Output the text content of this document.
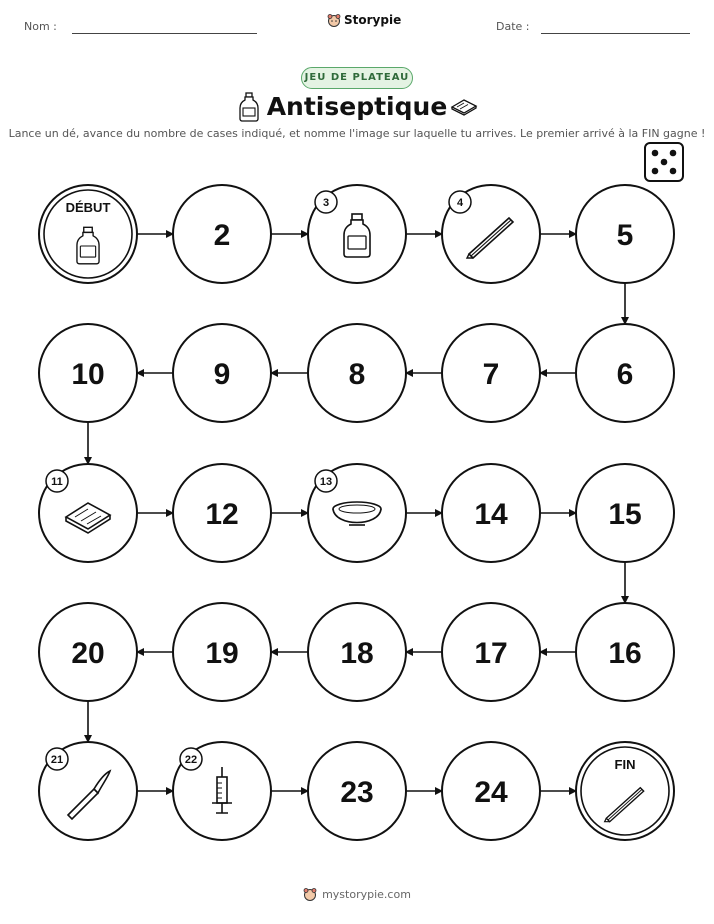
Nom :	Storypie	Date :
JEU DE PLATEAU
Antiseptique
Lance un dé, avance du nombre de cases indiqué, et nomme l'image sur laquelle tu arrives. Le premier arrivé à la FIN gagne !
DÉBUT
2
3	4
5
6
7
8
9
10
11
12
13
14	15
16
17
18
19
20
21	22
23	24
FIN
mystorypie.com
